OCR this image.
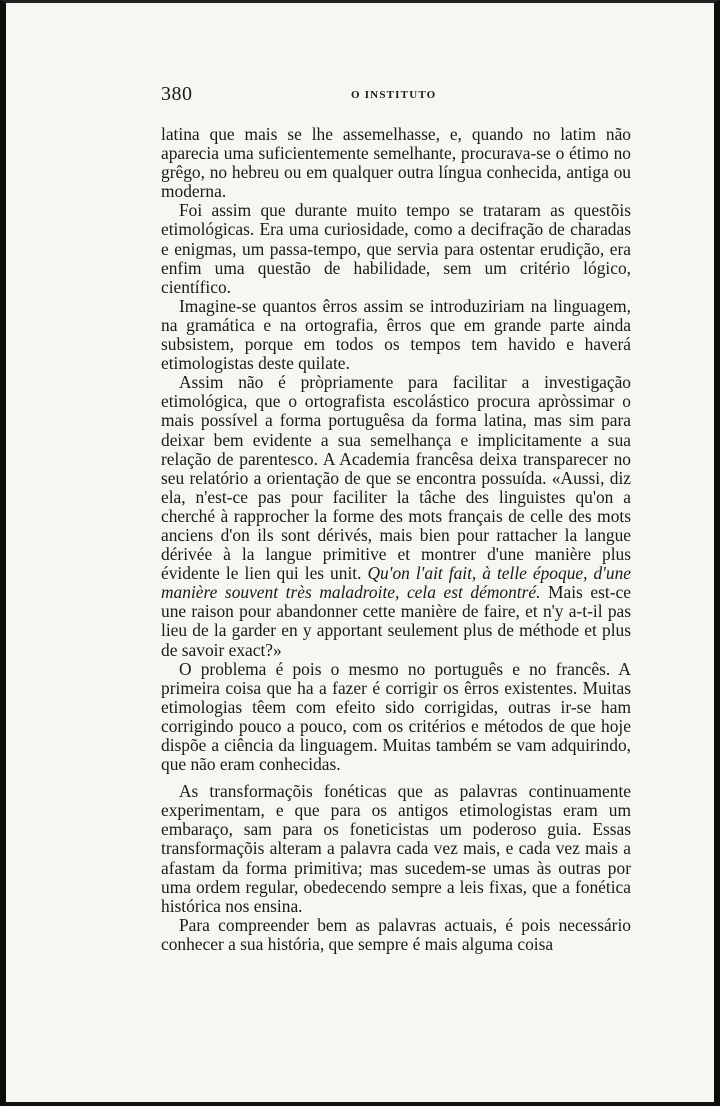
380	O INSTITUTO

latina que mais se lhe assemelhasse, e, quando no latim não aparecia uma suficientemente semelhante, procurava-se o étimo no grêgo, no hebreu ou em qualquer outra língua conhecida, antiga ou moderna.

Foi assim que durante muito tempo se trataram as questõis etimológicas. Era uma curiosidade, como a decifração de charadas e enigmas, um passa-tempo, que servia para ostentar erudição, era enfim uma questão de habilidade, sem um critério lógico, científico.

Imagine-se quantos êrros assim se introduziriam na linguagem, na gramática e na ortografia, êrros que em grande parte ainda subsistem, porque em todos os tempos tem havido e haverá etimologistas deste quilate.

Assim não é pròpriamente para facilitar a investigação etimológica, que o ortografista escolástico procura apròssimar o mais possível a forma portuguêsa da forma latina, mas sim para deixar bem evidente a sua semelhança e implicitamente a sua relação de parentesco. A Academia francêsa deixa transparecer no seu relatório a orientação de que se encontra possuída. «Aussi, diz ela, n'est-ce pas pour faciliter la tâche des linguistes qu'on a cherché à rapprocher la forme des mots français de celle des mots anciens d'on ils sont dérivés, mais bien pour rattacher la langue dérivée à la langue primitive et montrer d'une manière plus évidente le lien qui les unit. Qu'on l'ait fait, à telle époque, d'une manière souvent très maladroite, cela est démontré. Mais est-ce une raison pour abandonner cette manière de faire, et n'y a-t-il pas lieu de la garder en y apportant seulement plus de méthode et plus de savoir exact?»

O problema é pois o mesmo no português e no francês. A primeira coisa que ha a fazer é corrigir os êrros existentes. Muitas etimologias têem com efeito sido corrigidas, outras ir-se ham corrigindo pouco a pouco, com os critérios e métodos de que hoje dispõe a ciência da linguagem. Muitas também se vam adquirindo, que não eram conhecidas.

As transformaçõis fonéticas que as palavras continuamente experimentam, e que para os antigos etimologistas eram um embaraço, sam para os foneticistas um poderoso guia. Essas transformaçõis alteram a palavra cada vez mais, e cada vez mais a afastam da forma primitiva; mas sucedem-se umas às outras por uma ordem regular, obedecendo sempre a leis fixas, que a fonética histórica nos ensina.

Para compreender bem as palavras actuais, é pois necessário conhecer a sua história, que sempre é mais alguma coisa
